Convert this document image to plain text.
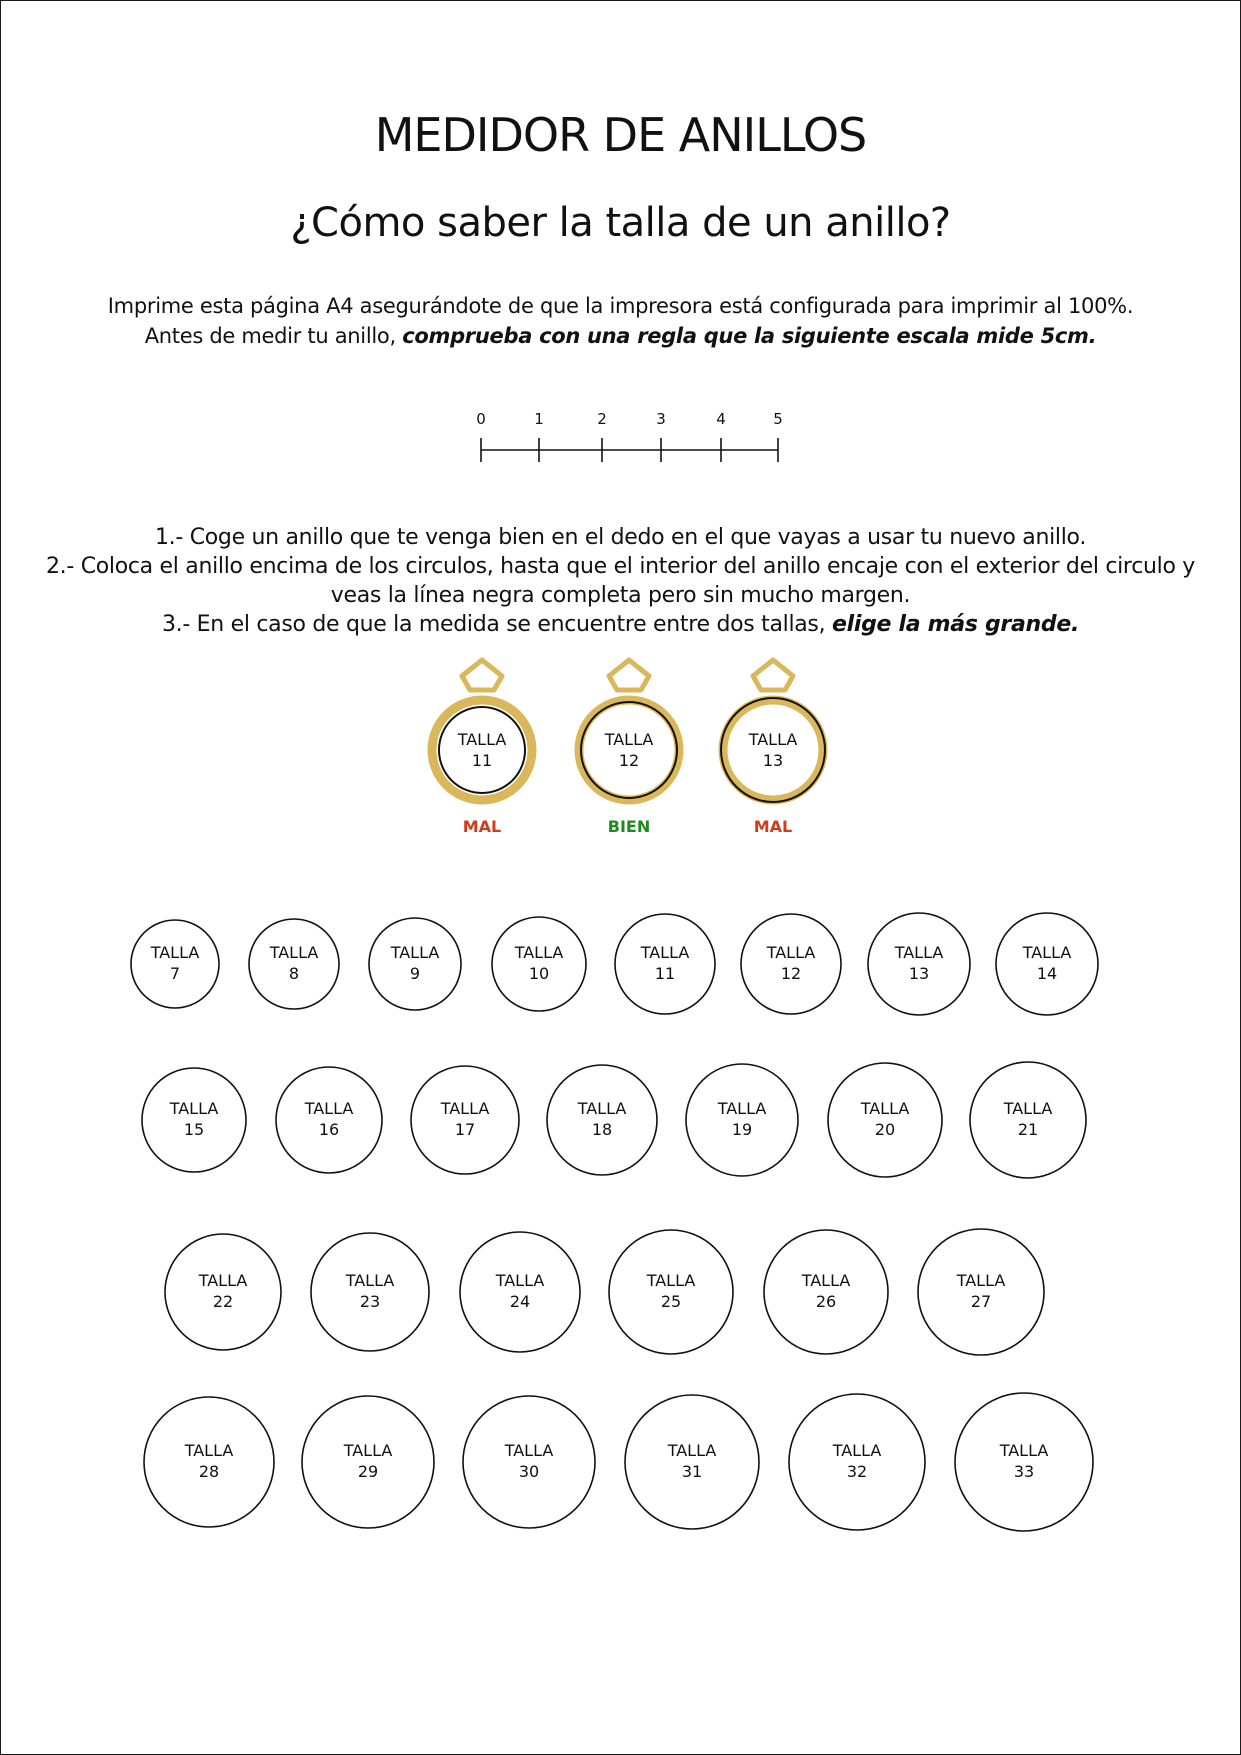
MEDIDOR DE ANILLOS
¿Cómo saber la talla de un anillo?
Imprime esta página A4 asegurándote de que la impresora está configurada para imprimir al 100%.
Antes de medir tu anillo, comprueba con una regla que la siguiente escala mide 5cm.
1.- Coge un anillo que te venga bien en el dedo en el que vayas a usar tu nuevo anillo.
2.- Coloca el anillo encima de los circulos, hasta que el interior del anillo encaje con el exterior del circulo y
veas la línea negra completa pero sin mucho margen.
3.- En el caso de que la medida se encuentre entre dos tallas, elige la más grande.
0	1	2	3	4	5
TALLA
11
MAL
TALLA
12
BIEN
TALLA
13
MAL
TALLA
7
TALLA
8
TALLA
9
TALLA
10
TALLA
11
TALLA
12
TALLA
13
TALLA
14
TALLA
15
TALLA
16
TALLA
17
TALLA
18
TALLA
19
TALLA
20
TALLA
21
TALLA
22
TALLA
23
TALLA
24
TALLA
25
TALLA
26
TALLA
27
TALLA
28
TALLA
29
TALLA
30
TALLA
31
TALLA
32
TALLA
33
